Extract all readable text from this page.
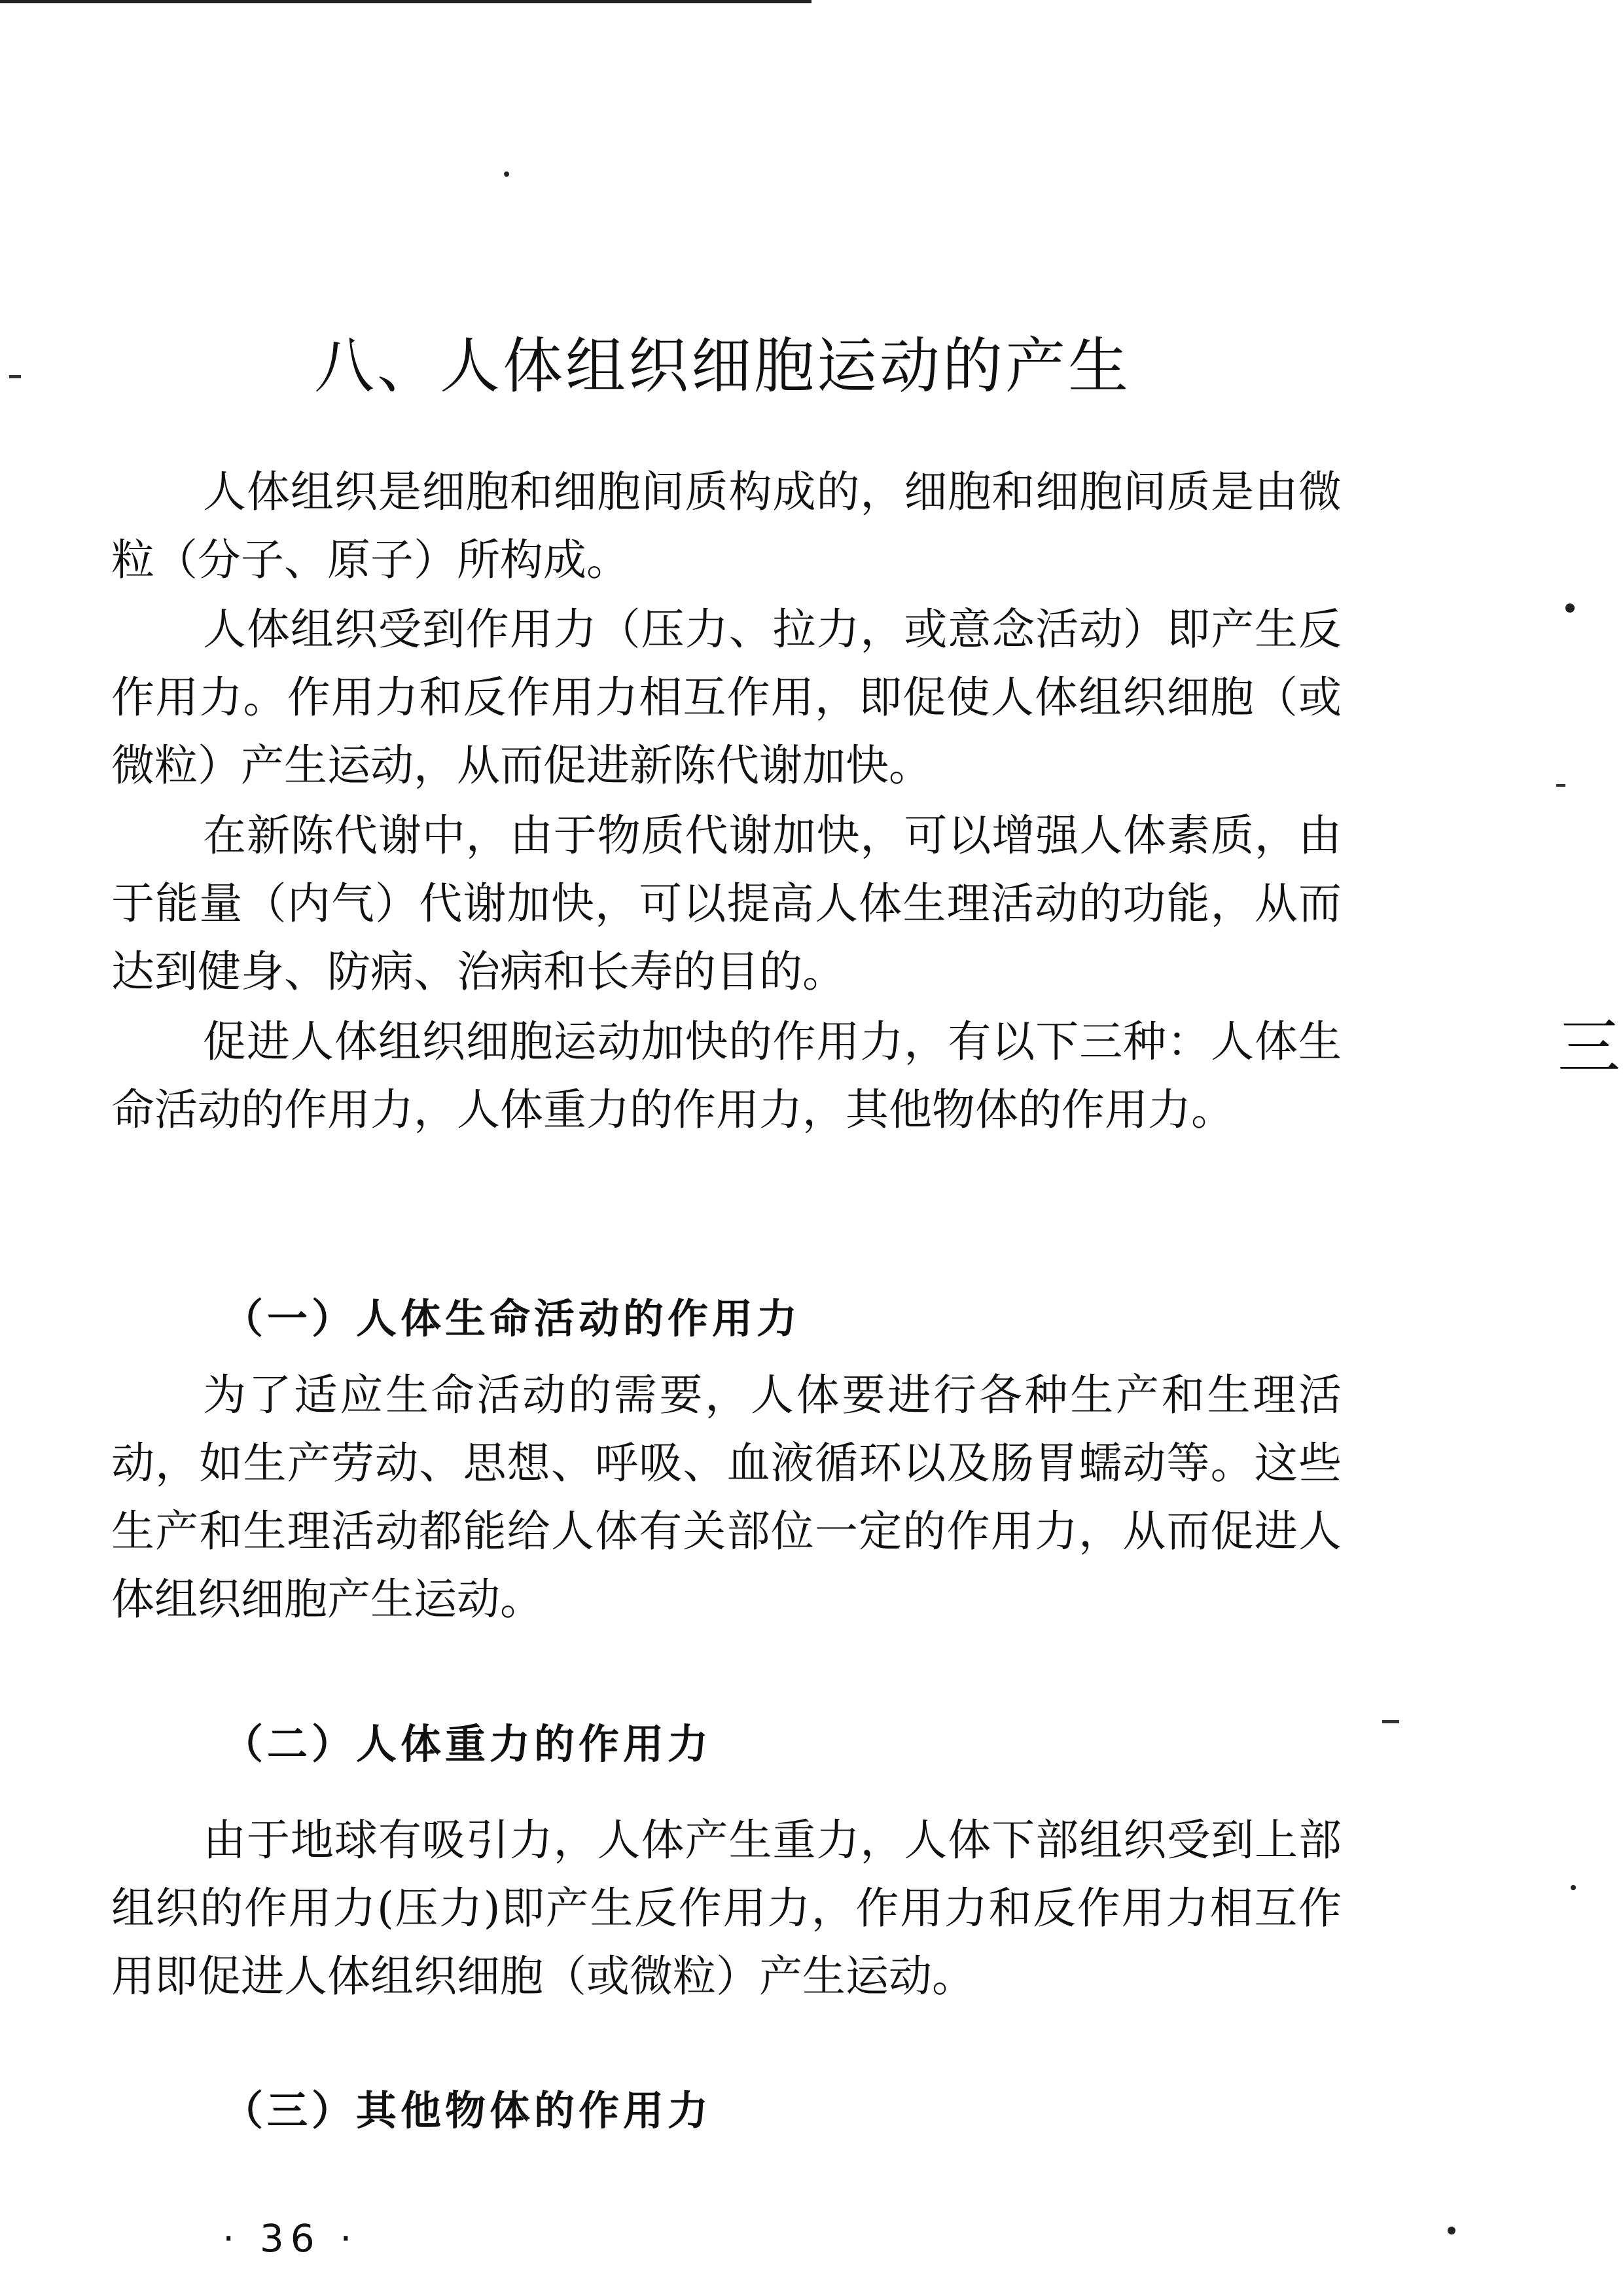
八、人体组织细胞运动的产生

人体组织是细胞和细胞间质构成的，细胞和细胞间质是由微粒（分子、原子）所构成。

人体组织受到作用力（压力、拉力，或意念活动）即产生反作用力。作用力和反作用力相互作用，即促使人体组织细胞（或微粒）产生运动，从而促进新陈代谢加快。

在新陈代谢中，由于物质代谢加快，可以增强人体素质，由于能量（内气）代谢加快，可以提高人体生理活动的功能，从而达到健身、防病、治病和长寿的目的。

促进人体组织细胞运动加快的作用力，有以下三种：人体生命活动的作用力，人体重力的作用力，其他物体的作用力。

（一）人体生命活动的作用力

为了适应生命活动的需要，人体要进行各种生产和生理活动，如生产劳动、思想、呼吸、血液循环以及肠胃蠕动等。这些生产和生理活动都能给人体有关部位一定的作用力，从而促进人体组织细胞产生运动。

（二）人体重力的作用力

由于地球有吸引力，人体产生重力，人体下部组织受到上部组织的作用力(压力)即产生反作用力，作用力和反作用力相互作用即促进人体组织细胞（或微粒）产生运动。

（三）其他物体的作用力
· 36 ·
三
